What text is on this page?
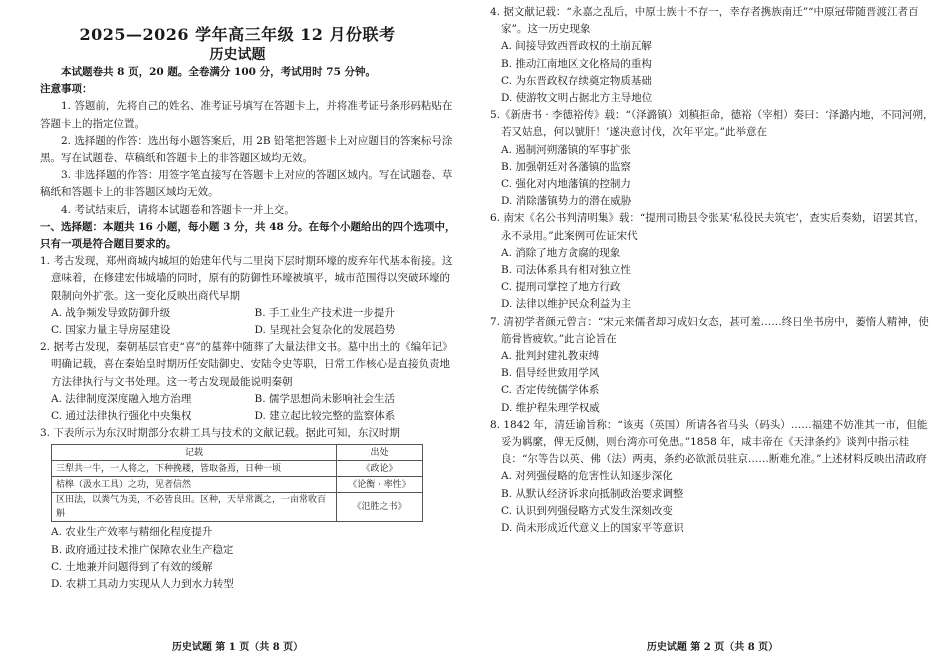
2025—2026 学年高三年级 12 月份联考
历史试题

本试题卷共 8 页，20 题。全卷满分 100 分，考试用时 75 分钟。

注意事项：

1. 答题前，先将自己的姓名、准考证号填写在答题卡上，并将准考证号条形码粘贴在答题卡上的指定位置。

2. 选择题的作答：选出每小题答案后，用 2B 铅笔把答题卡上对应题目的答案标号涂黑。写在试题卷、草稿纸和答题卡上的非答题区域均无效。

3. 非选择题的作答：用签字笔直接写在答题卡上对应的答题区域内。写在试题卷、草稿纸和答题卡上的非答题区域均无效。

4. 考试结束后，请将本试题卷和答题卡一并上交。

一、选择题：本题共 16 小题，每小题 3 分，共 48 分。在每个小题给出的四个选项中，只有一项是符合题目要求的。

1. 考古发现，郑州商城内城垣的始建年代与二里岗下层时期环壕的废弃年代基本衔接。这意味着，在修建宏伟城墙的同时，原有的防御性环壕被填平，城市范围得以突破环壕的限制向外扩张。这一变化反映出商代早期

A. 战争频发导致防御升级	B. 手工业生产技术进一步提升
C. 国家力量主导房屋建设	D. 呈现社会复杂化的发展趋势

2. 据考古发现，秦朝基层官吏“喜”的墓葬中随葬了大量法律文书。墓中出土的《编年记》明确记载，喜在秦始皇时期历任安陆御史、安陆令史等职，日常工作核心是直接负责地方法律执行与文书处理。这一考古发现最能说明秦朝

A. 法律制度深度融入地方治理	B. 儒学思想尚未影响社会生活
C. 通过法律执行强化中央集权	D. 建立起比较完整的监察体系

3. 下表所示为东汉时期部分农耕工具与技术的文献记载。据此可知，东汉时期

记载	出处
三犁共一牛，一人将之，下种挽耧，皆取备焉，日种一顷	《政论》
桔槔（汲水工具）之功，见者信然	《论衡 · 率性》
区田法，以粪气为美，不必皆良田。区种，天旱常溉之，一亩常收百斛	《氾胜之书》

A. 农业生产效率与精细化程度提升

B. 政府通过技术推广保障农业生产稳定

C. 土地兼并问题得到了有效的缓解

D. 农耕工具动力实现从人力到水力转型

历史试题 第 1 页（共 8 页）

4. 据文献记载：“永嘉之乱后，中原士族十不存一，幸存者携族南迁”“中原冠带随晋渡江者百家”。这一历史现象

A. 间接导致西晋政权的土崩瓦解

B. 推动江南地区文化格局的重构

C. 为东晋政权存续奠定物质基础

D. 使游牧文明占据北方主导地位

5.《新唐书 · 李德裕传》载：“（泽潞镇）刘稹拒命，德裕（宰相）奏曰：‘泽潞内地，不同河朔，若又姑息，何以號肝！’遂决意讨伐，次年平定。”此举意在

A. 遏制河朔藩镇的军事扩张

B. 加强朝廷对各藩镇的监察

C. 强化对内地藩镇的控制力

D. 消除藩镇势力的潜在威胁

6. 南宋《名公书判清明集》载：“提刑司勘县令张某‘私役民夫筑宅’，查实后奏劾，诏罢其官，永不录用。”此案例可佐证宋代

A. 消除了地方贪腐的现象

B. 司法体系具有相对独立性

C. 提刑司掌控了地方行政

D. 法律以维护民众利益为主

7. 清初学者颜元曾言：“宋元来儒者却习成妇女态，甚可羞……终日坐书房中，萎惰人精神，使筋骨皆疲软。”此言论旨在

A. 批判封建礼教束缚

B. 倡导经世致用学风

C. 否定传统儒学体系

D. 维护程朱理学权威

8. 1842 年，清廷谕旨称：“该夷（英国）所请各省马头（码头）……福建不妨准其一市，但能妥为羁縻，俾无反侧，则台湾亦可免患。”1858 年，咸丰帝在《天津条约》谈判中指示桂良：“尔等告以英、佛（法）两夷，条约必欲派员驻京……断难允准。”上述材料反映出清政府

A. 对列强侵略的危害性认知逐步深化

B. 从默认经济诉求向抵制政治要求调整

C. 认识到列强侵略方式发生深刻改变

D. 尚未形成近代意义上的国家平等意识

历史试题 第 2 页（共 8 页）
